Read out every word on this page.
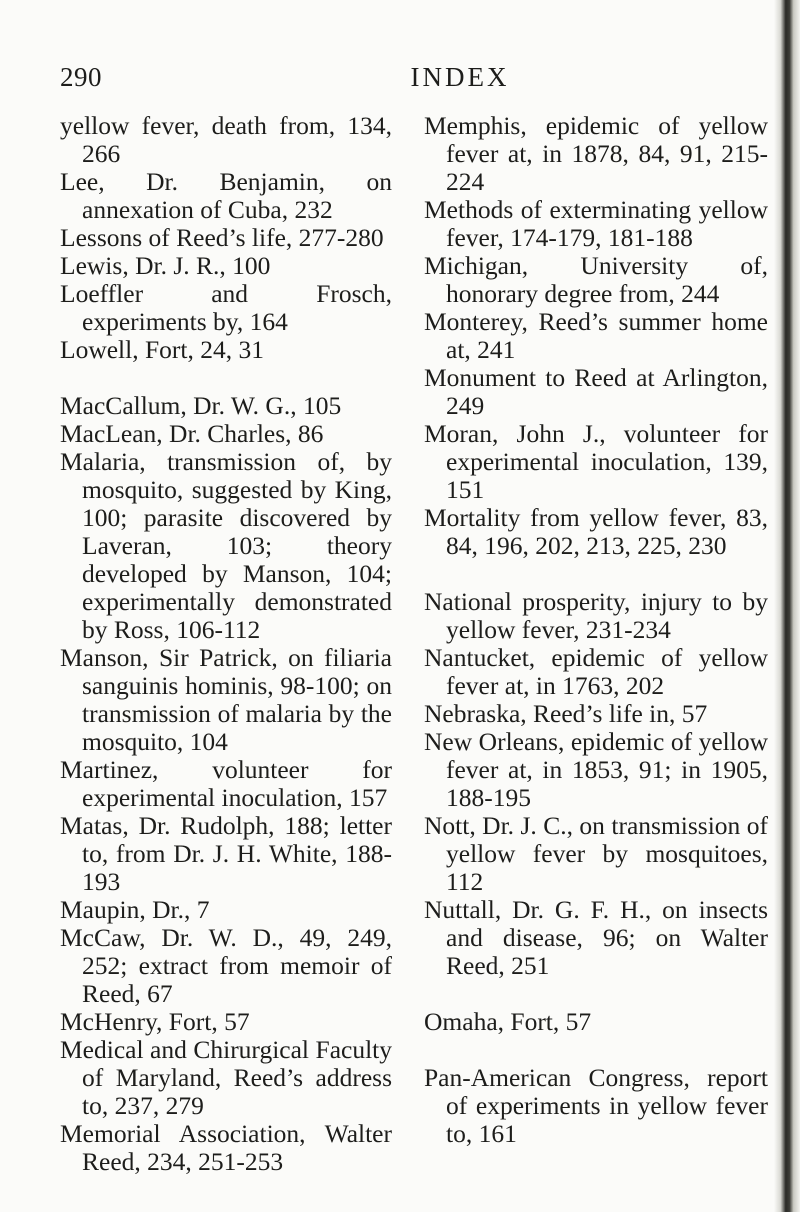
290	INDEX
yellow fever, death from, 134, 266
Lee, Dr. Benjamin, on annexation of Cuba, 232
Lessons of Reed’s life, 277-280
Lewis, Dr. J. R., 100
Loeffler and Frosch, experiments by, 164
Lowell, Fort, 24, 31
MacCallum, Dr. W. G., 105
MacLean, Dr. Charles, 86
Malaria, transmission of, by mosquito, suggested by King, 100; parasite discovered by Laveran, 103; theory developed by Manson, 104; experimentally demonstrated by Ross, 106-112
Manson, Sir Patrick, on filiaria sanguinis hominis, 98-100; on transmission of malaria by the mosquito, 104
Martinez, volunteer for experimental inoculation, 157
Matas, Dr. Rudolph, 188; letter to, from Dr. J. H. White, 188-193
Maupin, Dr., 7
McCaw, Dr. W. D., 49, 249, 252; extract from memoir of Reed, 67
McHenry, Fort, 57
Medical and Chirurgical Faculty of Maryland, Reed’s address to, 237, 279
Memorial Association, Walter Reed, 234, 251-253
Memphis, epidemic of yellow fever at, in 1878, 84, 91, 215-224
Methods of exterminating yellow fever, 174-179, 181-188
Michigan, University of, honorary degree from, 244
Monterey, Reed’s summer home at, 241
Monument to Reed at Arlington, 249
Moran, John J., volunteer for experimental inoculation, 139, 151
Mortality from yellow fever, 83, 84, 196, 202, 213, 225, 230
National prosperity, injury to by yellow fever, 231-234
Nantucket, epidemic of yellow fever at, in 1763, 202
Nebraska, Reed’s life in, 57
New Orleans, epidemic of yellow fever at, in 1853, 91; in 1905, 188-195
Nott, Dr. J. C., on transmission of yellow fever by mosquitoes, 112
Nuttall, Dr. G. F. H., on insects and disease, 96; on Walter Reed, 251
Omaha, Fort, 57
Pan-American Congress, report of experiments in yellow fever to, 161
